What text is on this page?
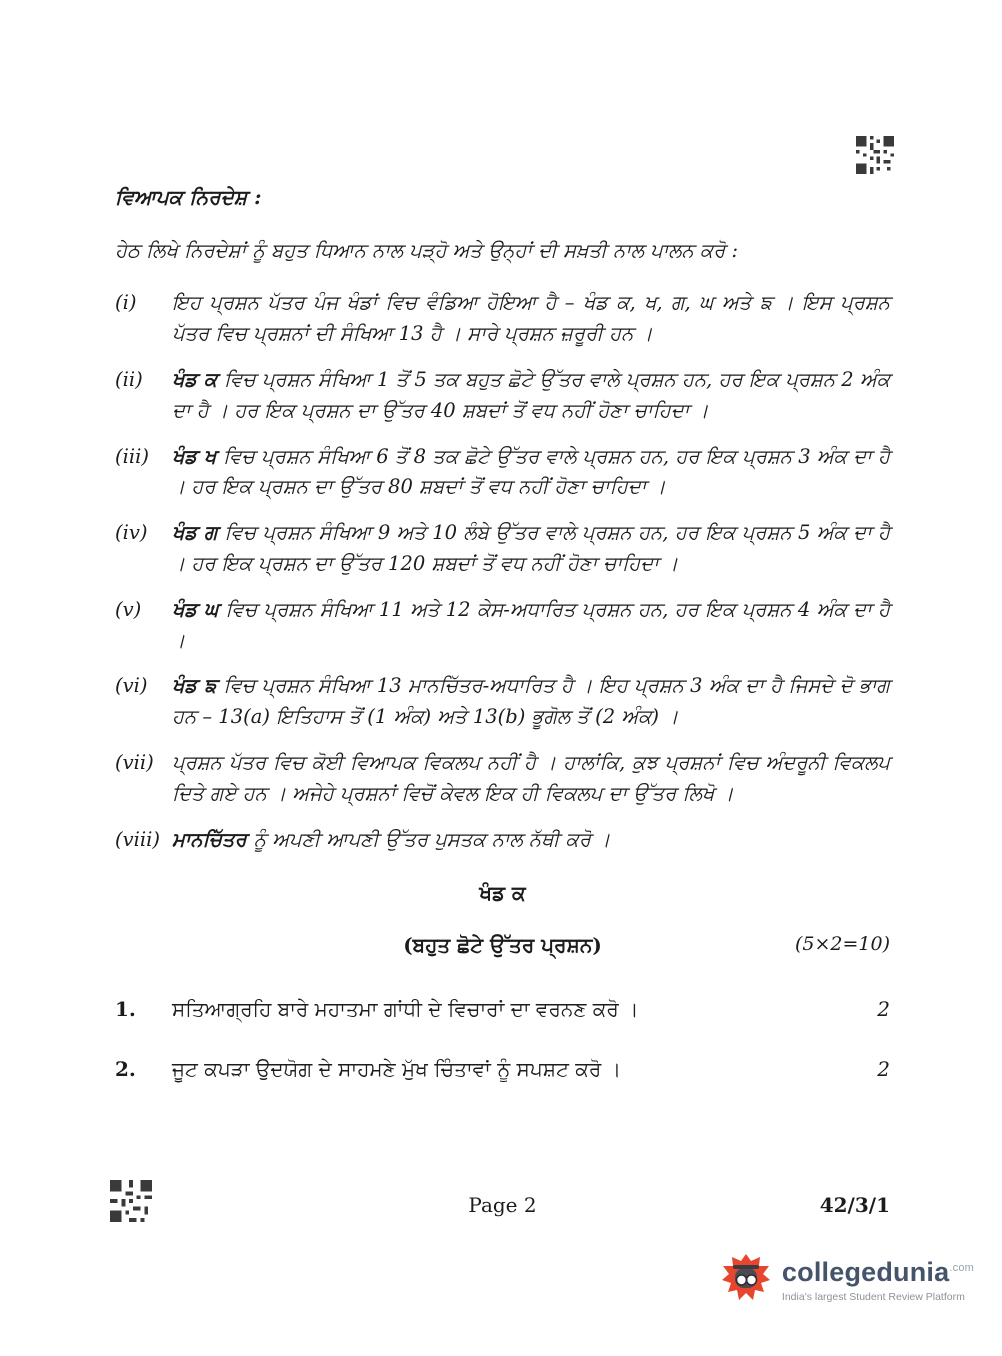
ਵਿਆਪਕ ਨਿਰਦੇਸ਼ :
ਹੇਠ ਲਿਖੇ ਨਿਰਦੇਸ਼ਾਂ ਨੂੰ ਬਹੁਤ ਧਿਆਨ ਨਾਲ ਪੜ੍ਹੋ ਅਤੇ ਉਨ੍ਹਾਂ ਦੀ ਸਖ਼ਤੀ ਨਾਲ ਪਾਲਨ ਕਰੋ :
(i)	ਇਹ ਪ੍ਰਸ਼ਨ ਪੱਤਰ ਪੰਜ ਖੰਡਾਂ ਵਿਚ ਵੰਡਿਆ ਹੋਇਆ ਹੈ – ਖੰਡ ਕ, ਖ, ਗ, ਘ ਅਤੇ ਙ । ਇਸ ਪ੍ਰਸ਼ਨ ਪੱਤਰ ਵਿਚ ਪ੍ਰਸ਼ਨਾਂ ਦੀ ਸੰਖਿਆ 13 ਹੈ । ਸਾਰੇ ਪ੍ਰਸ਼ਨ ਜ਼ਰੂਰੀ ਹਨ ।
(ii)	ਖੰਡ ਕ ਵਿਚ ਪ੍ਰਸ਼ਨ ਸੰਖਿਆ 1 ਤੋਂ 5 ਤਕ ਬਹੁਤ ਛੋਟੇ ਉੱਤਰ ਵਾਲੇ ਪ੍ਰਸ਼ਨ ਹਨ, ਹਰ ਇਕ ਪ੍ਰਸ਼ਨ 2 ਅੰਕ ਦਾ ਹੈ । ਹਰ ਇਕ ਪ੍ਰਸ਼ਨ ਦਾ ਉੱਤਰ 40 ਸ਼ਬਦਾਂ ਤੋਂ ਵਧ ਨਹੀਂ ਹੋਣਾ ਚਾਹਿਦਾ ।
(iii)	ਖੰਡ ਖ ਵਿਚ ਪ੍ਰਸ਼ਨ ਸੰਖਿਆ 6 ਤੋਂ 8 ਤਕ ਛੋਟੇ ਉੱਤਰ ਵਾਲੇ ਪ੍ਰਸ਼ਨ ਹਨ, ਹਰ ਇਕ ਪ੍ਰਸ਼ਨ 3 ਅੰਕ ਦਾ ਹੈ । ਹਰ ਇਕ ਪ੍ਰਸ਼ਨ ਦਾ ਉੱਤਰ 80 ਸ਼ਬਦਾਂ ਤੋਂ ਵਧ ਨਹੀਂ ਹੋਣਾ ਚਾਹਿਦਾ ।
(iv)	ਖੰਡ ਗ ਵਿਚ ਪ੍ਰਸ਼ਨ ਸੰਖਿਆ 9 ਅਤੇ 10 ਲੰਬੇ ਉੱਤਰ ਵਾਲੇ ਪ੍ਰਸ਼ਨ ਹਨ, ਹਰ ਇਕ ਪ੍ਰਸ਼ਨ 5 ਅੰਕ ਦਾ ਹੈ । ਹਰ ਇਕ ਪ੍ਰਸ਼ਨ ਦਾ ਉੱਤਰ 120 ਸ਼ਬਦਾਂ ਤੋਂ ਵਧ ਨਹੀਂ ਹੋਣਾ ਚਾਹਿਦਾ ।
(v)	ਖੰਡ ਘ ਵਿਚ ਪ੍ਰਸ਼ਨ ਸੰਖਿਆ 11 ਅਤੇ 12 ਕੇਸ-ਅਧਾਰਿਤ ਪ੍ਰਸ਼ਨ ਹਨ, ਹਰ ਇਕ ਪ੍ਰਸ਼ਨ 4 ਅੰਕ ਦਾ ਹੈ ।
(vi)	ਖੰਡ ਙ ਵਿਚ ਪ੍ਰਸ਼ਨ ਸੰਖਿਆ 13 ਮਾਨਚਿੱਤਰ-ਅਧਾਰਿਤ ਹੈ । ਇਹ ਪ੍ਰਸ਼ਨ 3 ਅੰਕ ਦਾ ਹੈ ਜਿਸਦੇ ਦੋ ਭਾਗ ਹਨ – 13(a) ਇਤਿਹਾਸ ਤੋਂ (1 ਅੰਕ) ਅਤੇ 13(b) ਭੂਗੋਲ ਤੋਂ (2 ਅੰਕ) ।
(vii) ਪ੍ਰਸ਼ਨ ਪੱਤਰ ਵਿਚ ਕੋਈ ਵਿਆਪਕ ਵਿਕਲਪ ਨਹੀਂ ਹੈ । ਹਾਲਾਂਕਿ, ਕੁਝ ਪ੍ਰਸ਼ਨਾਂ ਵਿਚ ਅੰਦਰੂਨੀ ਵਿਕਲਪ ਦਿਤੇ ਗਏ ਹਨ । ਅਜੇਹੇ ਪ੍ਰਸ਼ਨਾਂ ਵਿਚੋਂ ਕੇਵਲ ਇਕ ਹੀ ਵਿਕਲਪ ਦਾ ਉੱਤਰ ਲਿਖੋ ।
(viii) ਮਾਨਚਿੱਤਰ ਨੂੰ ਅਪਣੀ ਆਪਣੀ ਉੱਤਰ ਪੁਸਤਕ ਨਾਲ ਨੱਥੀ ਕਰੋ ।
ਖੰਡ ਕ
(ਬਹੁਤ ਛੋਟੇ ਉੱਤਰ ਪ੍ਰਸ਼ਨ)	(5×2=10)
1.	ਸਤਿਆਗ੍ਰਹਿ ਬਾਰੇ ਮਹਾਤਮਾ ਗਾਂਧੀ ਦੇ ਵਿਚਾਰਾਂ ਦਾ ਵਰਨਣ ਕਰੋ ।	2
2.	ਜੂਟ ਕਪੜਾ ਉਦਯੋਗ ਦੇ ਸਾਹਮਣੇ ਮੁੱਖ ਚਿੰਤਾਵਾਂ ਨੂੰ ਸਪਸ਼ਟ ਕਰੋ ।	2
Page 2	42/3/1
collegedunia$^{.com}$
India's largest Student Review Platform
